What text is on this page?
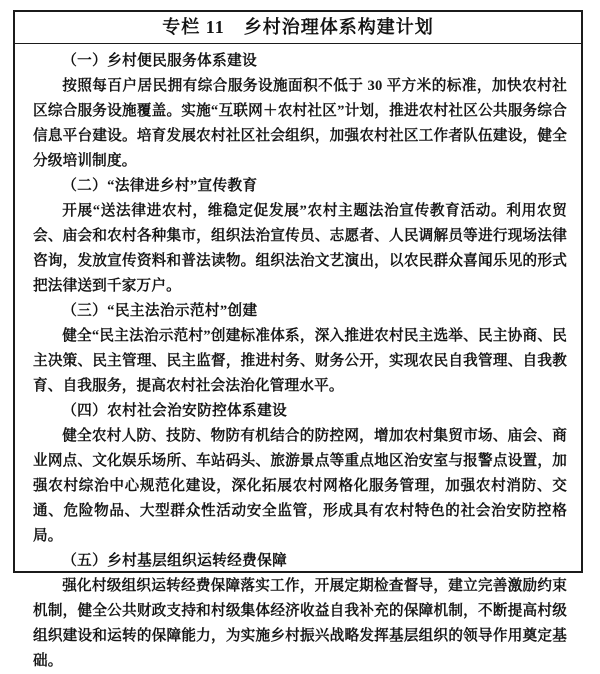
专栏 11　乡村治理体系构建计划
（一）乡村便民服务体系建设
按照每百户居民拥有综合服务设施面积不低于 30 平方米的标准，加快农村社区综合服务设施覆盖。实施“互联网＋农村社区”计划，推进农村社区公共服务综合信息平台建设。培育发展农村社区社会组织，加强农村社区工作者队伍建设，健全分级培训制度。
（二）“法律进乡村”宣传教育
开展“送法律进农村，维稳定促发展”农村主题法治宣传教育活动。利用农贸会、庙会和农村各种集市，组织法治宣传员、志愿者、人民调解员等进行现场法律咨询，发放宣传资料和普法读物。组织法治文艺演出，以农民群众喜闻乐见的形式把法律送到千家万户。
（三）“民主法治示范村”创建
健全“民主法治示范村”创建标准体系，深入推进农村民主选举、民主协商、民主决策、民主管理、民主监督，推进村务、财务公开，实现农民自我管理、自我教育、自我服务，提高农村社会法治化管理水平。
（四）农村社会治安防控体系建设
健全农村人防、技防、物防有机结合的防控网，增加农村集贸市场、庙会、商业网点、文化娱乐场所、车站码头、旅游景点等重点地区治安室与报警点设置，加强农村综治中心规范化建设，深化拓展农村网格化服务管理，加强农村消防、交通、危险物品、大型群众性活动安全监管，形成具有农村特色的社会治安防控格局。
（五）乡村基层组织运转经费保障
强化村级组织运转经费保障落实工作，开展定期检查督导，建立完善激励约束机制，健全公共财政支持和村级集体经济收益自我补充的保障机制，不断提高村级组织建设和运转的保障能力，为实施乡村振兴战略发挥基层组织的领导作用奠定基础。
